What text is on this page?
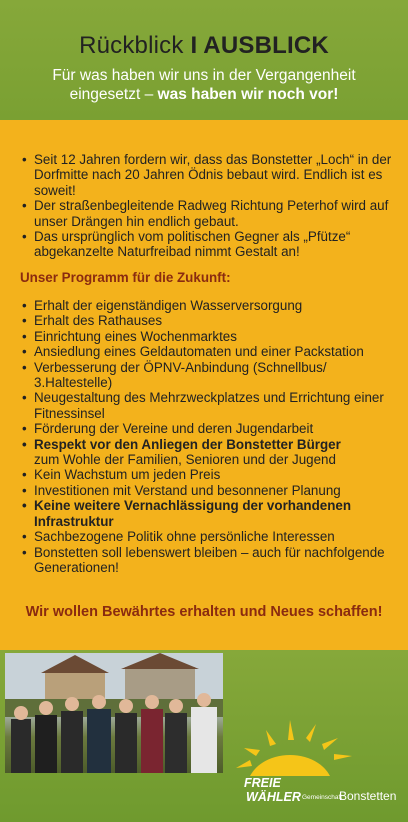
Rückblick I AUSBLICK
Für was haben wir uns in der Vergangenheit
eingesetzt – was haben wir noch vor!
• Seit 12 Jahren fordern wir, dass das Bonstetter „Loch“ in der Dorfmitte nach 20 Jahren Ödnis bebaut wird. Endlich ist es soweit!
• Der straßenbegleitende Radweg Richtung Peterhof wird auf unser Drängen hin endlich gebaut.
• Das ursprünglich vom politischen Gegner als „Pfütze“ abgekanzelte Naturfreibad nimmt Gestalt an!
Unser Programm für die Zukunft:
• Erhalt der eigenständigen Wasserversorgung
• Erhalt des Rathauses
• Einrichtung eines Wochenmarktes
• Ansiedlung eines Geldautomaten und einer Packstation
• Verbesserung der ÖPNV-Anbindung (Schnellbus/ 3.Haltestelle)
• Neugestaltung des Mehrzweckplatzes und Errichtung einer Fitnessinsel
• Förderung der Vereine und deren Jugendarbeit
• Respekt vor den Anliegen der Bonstetter Bürger
zum Wohle der Familien, Senioren und der Jugend
• Kein Wachstum um jeden Preis
• Investitionen mit Verstand und besonnener Planung
• Keine weitere Vernachlässigung der vorhandenen Infrastruktur
• Sachbezogene Politik ohne persönliche Interessen
• Bonstetten soll lebenswert bleiben – auch für nachfolgende Generationen!
Wir wollen Bewährtes erhalten und Neues schaffen!
FREIE
WÄHLER Gemeinschaft
Bonstetten
